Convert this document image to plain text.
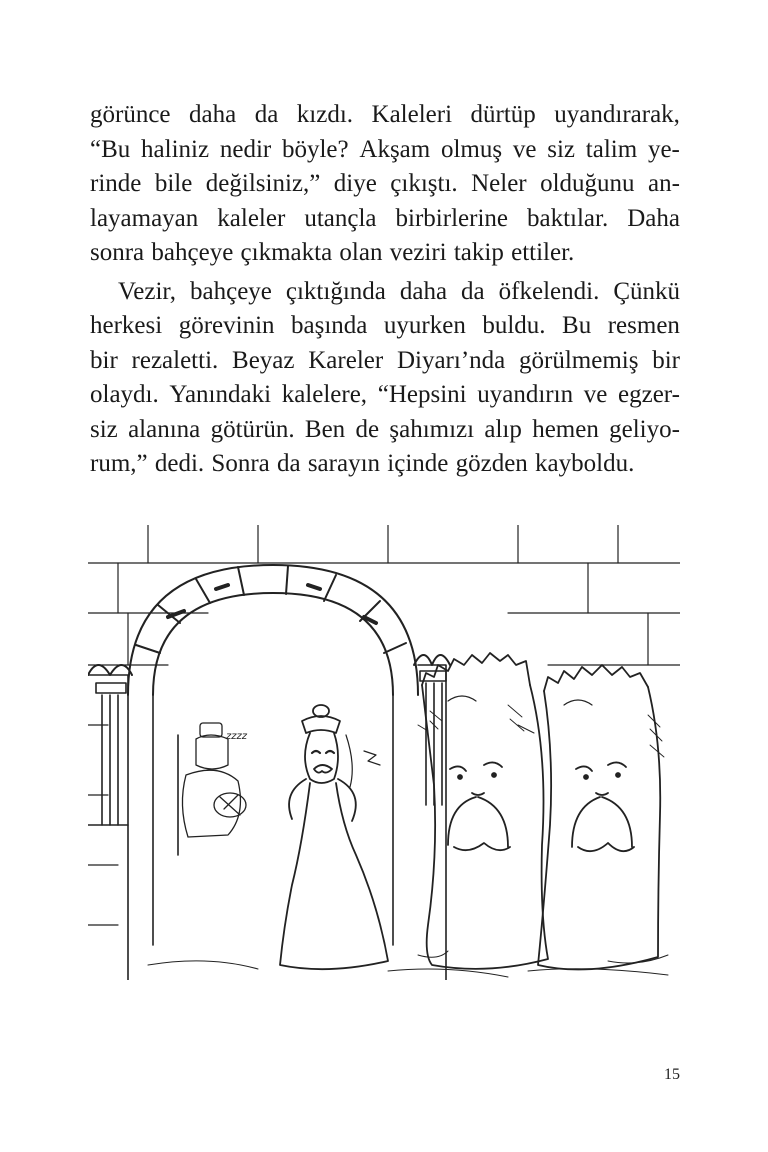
görünce daha da kızdı. Kaleleri dürtüp uyandırarak,
“Bu haliniz nedir böyle? Akşam olmuş ve siz talim ye-
rinde bile değilsiniz,” diye çıkıştı. Neler olduğunu an-
layamayan kaleler utançla birbirlerine baktılar. Daha
sonra bahçeye çıkmakta olan veziri takip ettiler.
Vezir, bahçeye çıktığında daha da öfkelendi. Çünkü
herkesi görevinin başında uyurken buldu. Bu resmen
bir rezaletti. Beyaz Kareler Diyarı’nda görülmemiş bir
olaydı. Yanındaki kalelere, “Hepsini uyandırın ve egzer-
siz alanına götürün. Ben de şahımızı alıp hemen geliyo-
rum,” dedi. Sonra da sarayın içinde gözden kayboldu.
zzzz
15
